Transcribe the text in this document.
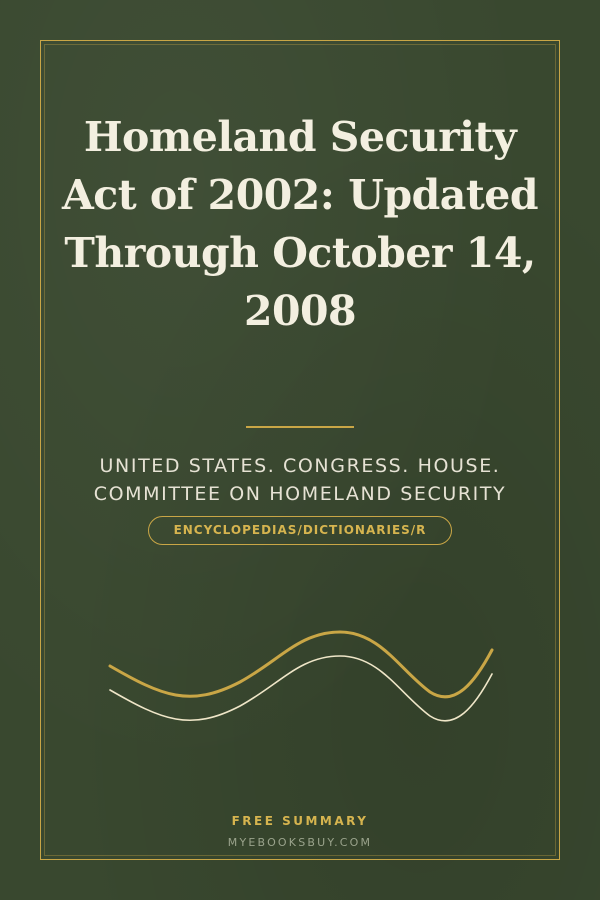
Homeland Security Act of 2002: Updated Through October 14, 2008
UNITED STATES. CONGRESS. HOUSE.
COMMITTEE ON HOMELAND SECURITY
ENCYCLOPEDIAS/DICTIONARIES/R
FREE SUMMARY
MYEBOOKSBUY.COM
